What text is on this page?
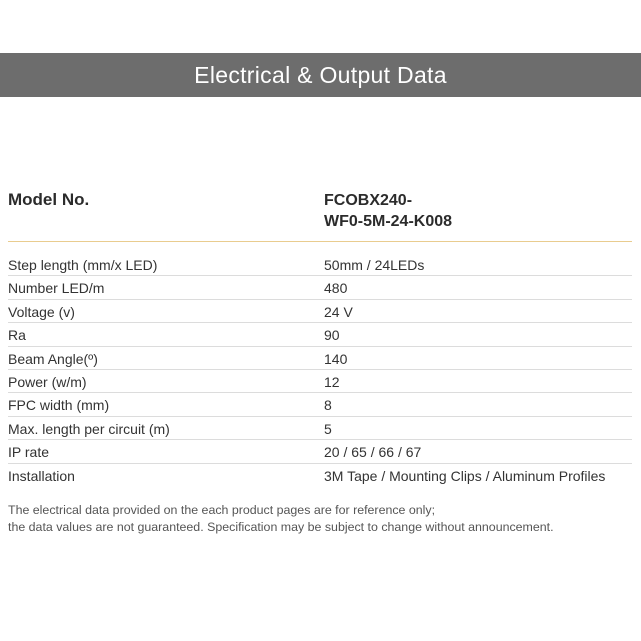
Electrical & Output Data
Model No.	FCOBX240-
WF0-5M-24-K008
Step length (mm/x LED)	50mm / 24LEDs
Number LED/m	480
Voltage (v)	24 V
Ra	90
Beam Angle(º)	140
Power (w/m)	12
FPC width (mm)	8
Max. length per circuit (m)	5
IP rate	20 / 65 / 66 / 67
Installation	3M Tape / Mounting Clips / Aluminum Profiles
The electrical data provided on the each product pages are for reference only;
the data values are not guaranteed. Specification may be subject to change without announcement.
